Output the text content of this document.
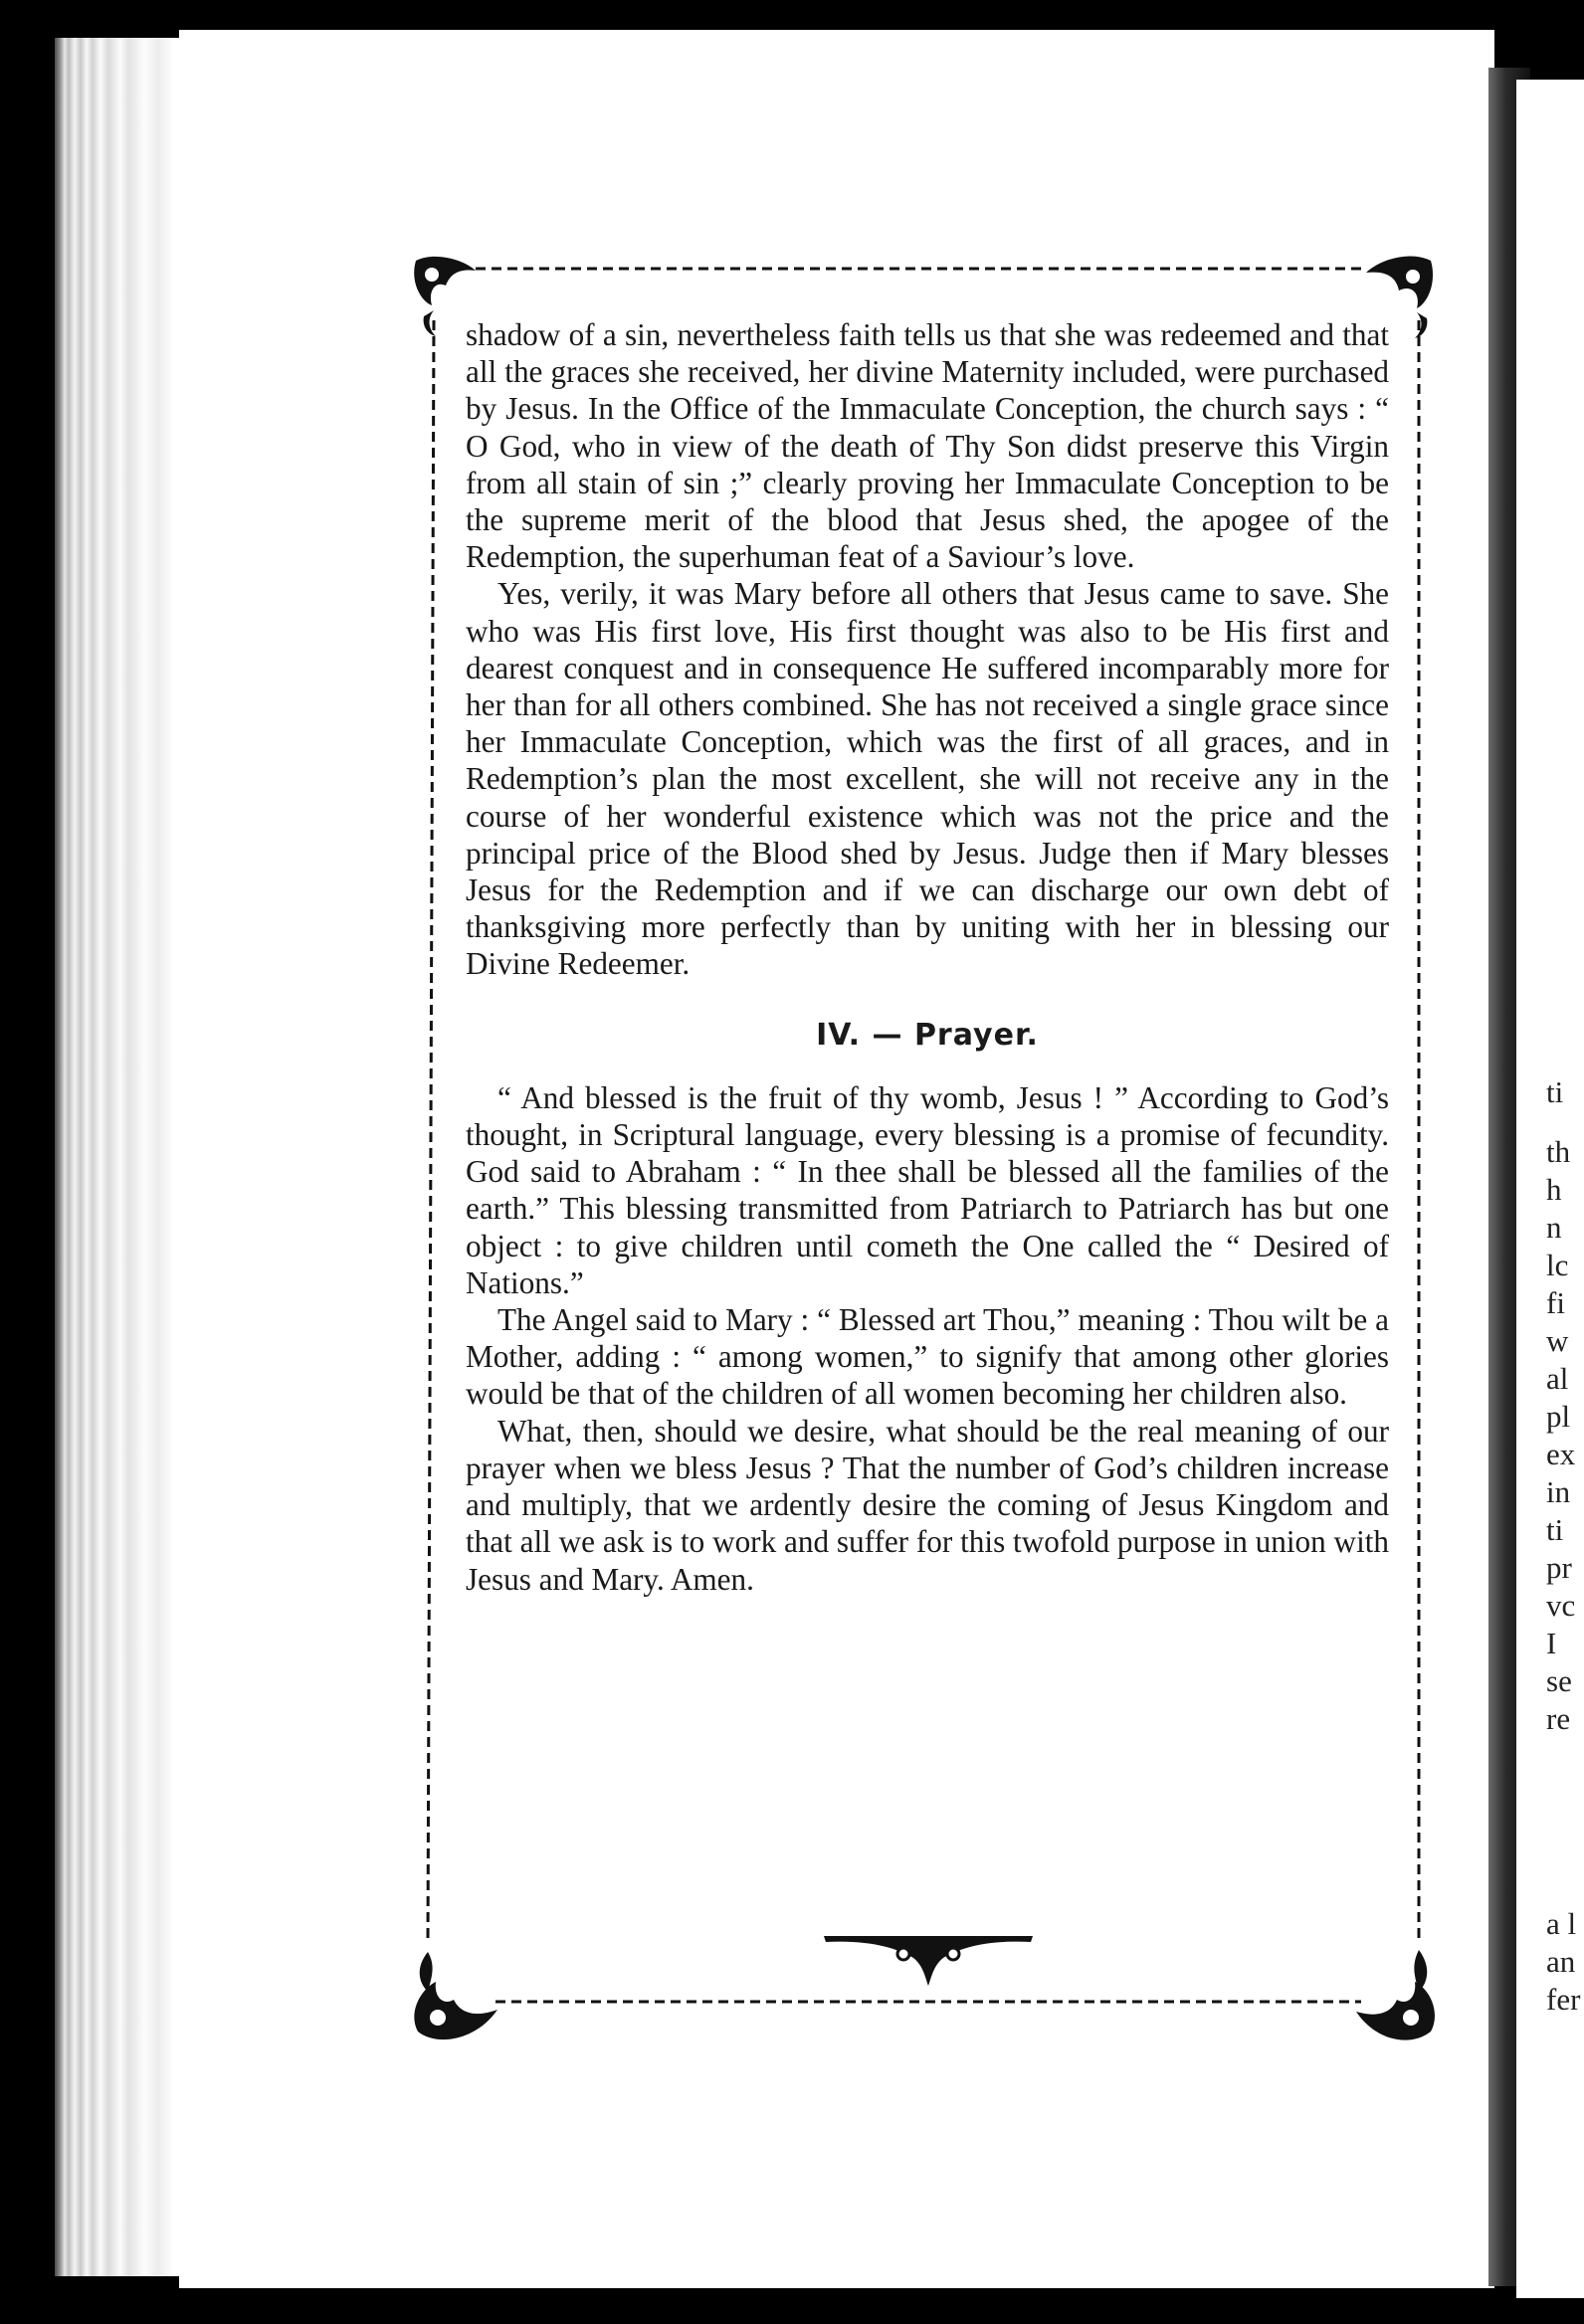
ti
th
h
n
lc
fi
w
al
pl
ex
in
ti
pr
vc
I
se
re
a l
an
fer

shadow of a sin, nevertheless faith tells us that she was redeemed and that all the graces she received, her divine Maternity included, were purchased by Jesus. In the Office of the Immaculate Conception, the church says : “ O God, who in view of the death of Thy Son didst preserve this Virgin from all stain of sin ;” clearly proving her Immaculate Conception to be the supreme merit of the blood that Jesus shed, the apogee of the Redemption, the superhuman feat of a Saviour’s love.

Yes, verily, it was Mary before all others that Jesus came to save. She who was His first love, His first thought was also to be His first and dearest conquest and in consequence He suffered incomparably more for her than for all others combined. She has not received a single grace since her Immaculate Conception, which was the first of all graces, and in Redemption’s plan the most excellent, she will not receive any in the course of her wonderful existence which was not the price and the principal price of the Blood shed by Jesus. Judge then if Mary blesses Jesus for the Redemption and if we can discharge our own debt of thanksgiving more perfectly than by uniting with her in blessing our Divine Redeemer.

IV. — Prayer.

“ And blessed is the fruit of thy womb, Jesus ! ” According to God’s thought, in Scriptural language, every blessing is a promise of fecundity. God said to Abraham : “ In thee shall be blessed all the families of the earth.” This blessing transmitted from Patriarch to Patriarch has but one object : to give children until cometh the One called the “ Desired of Nations.”

The Angel said to Mary : “ Blessed art Thou,” meaning : Thou wilt be a Mother, adding : “ among women,” to signify that among other glories would be that of the children of all women becoming her children also.

What, then, should we desire, what should be the real meaning of our prayer when we bless Jesus ? That the number of God’s children increase and multiply, that we ardently desire the coming of Jesus Kingdom and that all we ask is to work and suffer for this twofold purpose in union with Jesus and Mary. Amen.
